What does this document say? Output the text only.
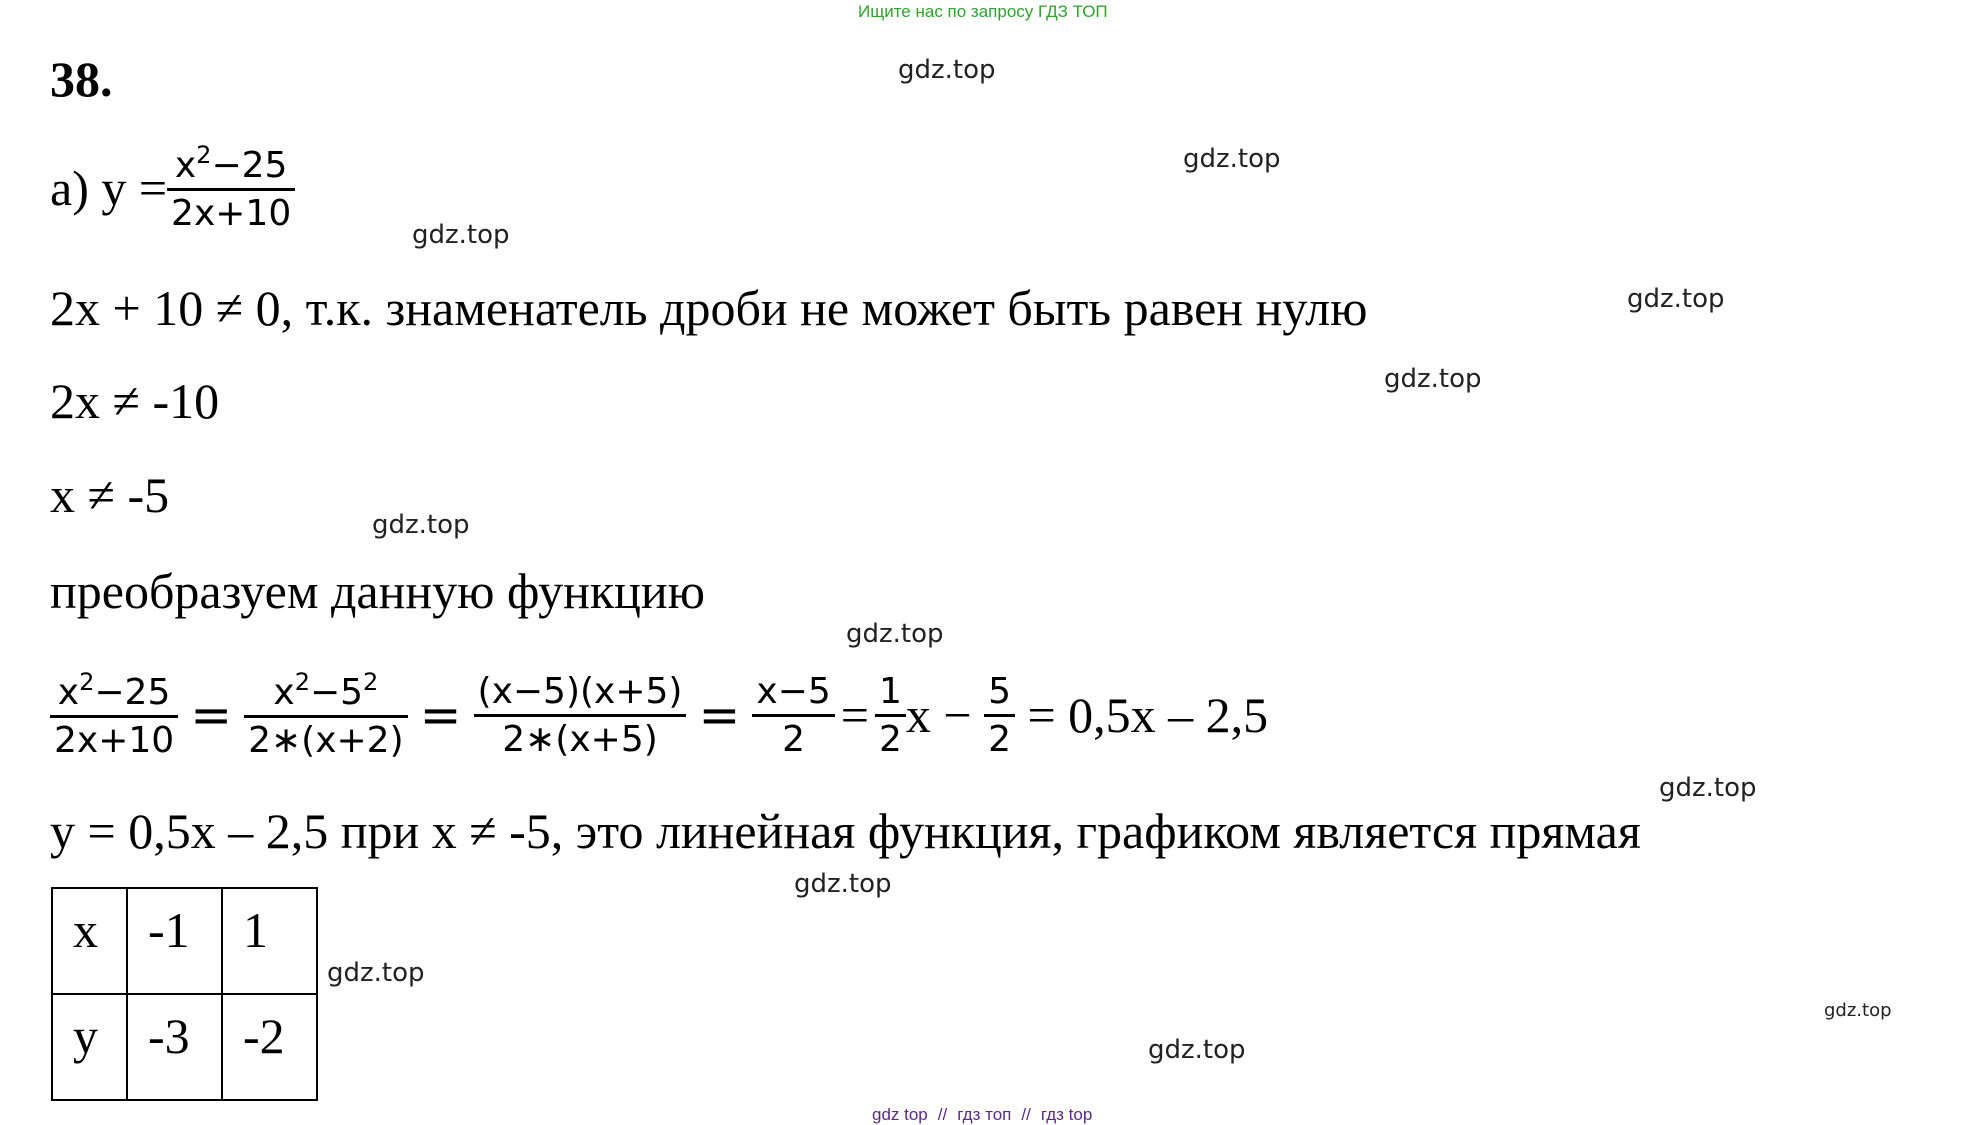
Ищите нас по запросу ГДЗ ТОП
38.
а) $y = \frac{x^2-25}{2x+10}$
2x + 10 ≠ 0, т.к. знаменатель дроби не может быть равен нулю
2x ≠ -10
x ≠ -5
преобразуем данную функцию
$\frac{x^2-25}{2x+10} = \frac{x^2-5^2}{2∗(x+2)} = \frac{(x-5)(x+5)}{2∗(x+5)} = \frac{x-5}{2} = \frac{1}{2}$ $x - \frac{5}{2} = 0,5x - 2,5$
y = 0,5x – 2,5 при x ≠ -5, это линейная функция, графиком является прямая
x	-1	1
y	-3	-2
gdz.top
gdz.top
gdz.top
gdz.top
gdz.top
gdz.top
gdz.top
gdz.top
gdz.top
gdz.top
gdz.top
gdz.top
gdz top // гдз топ // гдз top
